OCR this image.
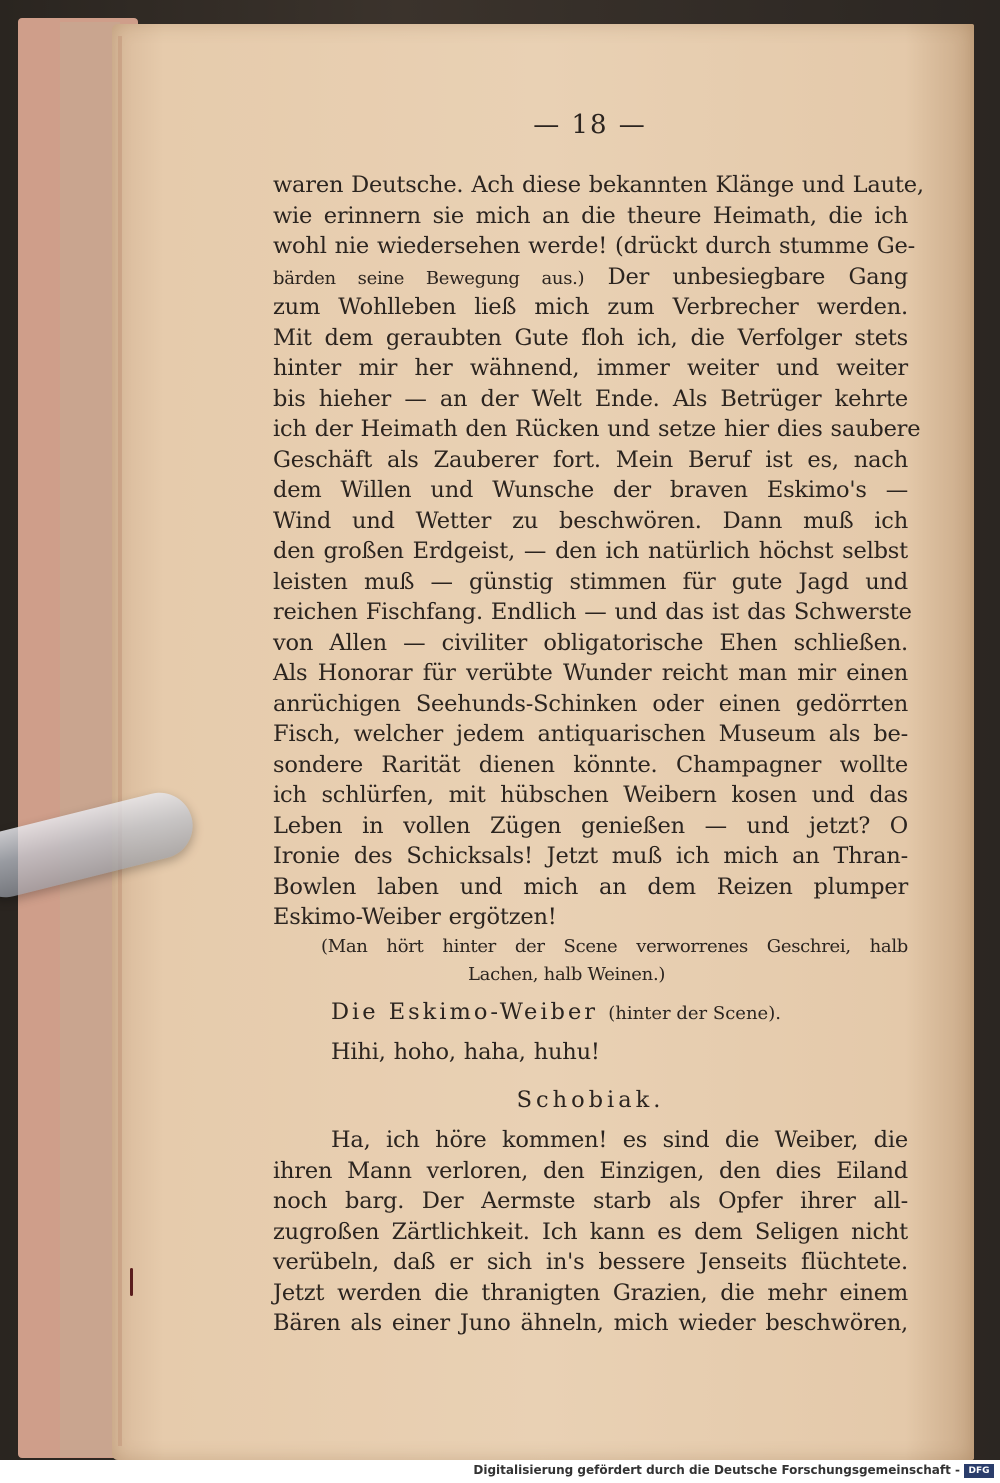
— 18 —
waren Deutsche. Ach diese bekannten Klänge und Laute,
wie erinnern sie mich an die theure Heimath, die ich
wohl nie wiedersehen werde! (drückt durch stumme Ge-
bärden seine Bewegung aus.) Der unbesiegbare Gang
zum Wohlleben ließ mich zum Verbrecher werden.
Mit dem geraubten Gute floh ich, die Verfolger stets
hinter mir her wähnend, immer weiter und weiter
bis hieher — an der Welt Ende. Als Betrüger kehrte
ich der Heimath den Rücken und setze hier dies saubere
Geschäft als Zauberer fort. Mein Beruf ist es, nach
dem Willen und Wunsche der braven Eskimo's —
Wind und Wetter zu beschwören. Dann muß ich
den großen Erdgeist, — den ich natürlich höchst selbst
leisten muß — günstig stimmen für gute Jagd und
reichen Fischfang. Endlich — und das ist das Schwerste
von Allen — civiliter obligatorische Ehen schließen.
Als Honorar für verübte Wunder reicht man mir einen
anrüchigen Seehunds-Schinken oder einen gedörrten
Fisch, welcher jedem antiquarischen Museum als be-
sondere Rarität dienen könnte. Champagner wollte
ich schlürfen, mit hübschen Weibern kosen und das
Leben in vollen Zügen genießen — und jetzt? O
Ironie des Schicksals! Jetzt muß ich mich an Thran-
Bowlen laben und mich an dem Reizen plumper
Eskimo-Weiber ergötzen!
(Man hört hinter der Scene verworrenes Geschrei, halb
Lachen, halb Weinen.)
Die Eskimo-Weiber (hinter der Scene).
Hihi, hoho, haha, huhu!
Schobiak.
Ha, ich höre kommen! es sind die Weiber, die
ihren Mann verloren, den Einzigen, den dies Eiland
noch barg. Der Aermste starb als Opfer ihrer all-
zugroßen Zärtlichkeit. Ich kann es dem Seligen nicht
verübeln, daß er sich in's bessere Jenseits flüchtete.
Jetzt werden die thranigten Grazien, die mehr einem
Bären als einer Juno ähneln, mich wieder beschwören,
Digitalisierung gefördert durch die Deutsche Forschungsgemeinschaft - DFG
